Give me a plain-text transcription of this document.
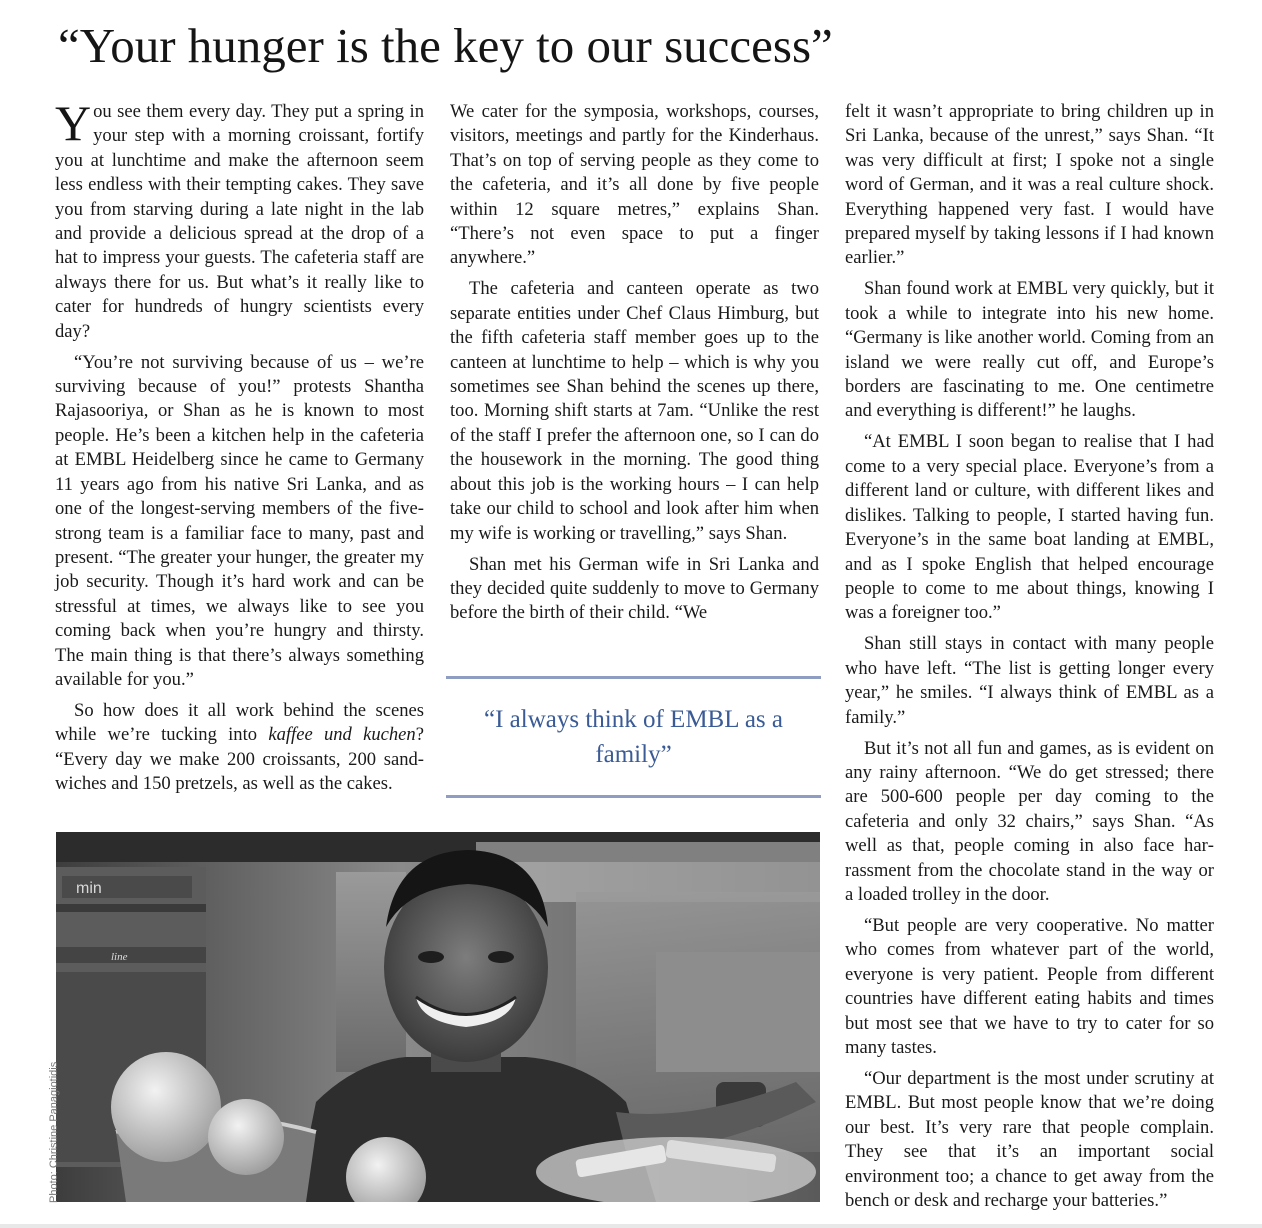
“Your hunger is the key to our success”

You see them every day. They put a spring in your step with a morning croissant, fortify you at lunchtime and make the afternoon seem less endless with their tempting cakes. They save you from starving during a late night in the lab and provide a delicious spread at the drop of a hat to impress your guests. The cafeteria staff are always there for us. But what’s it really like to cater for hundreds of hungry scientists every day?

“You’re not surviving because of us – we’re surviving because of you!” protests Shantha Rajasooriya, or Shan as he is known to most people. He’s been a kitchen help in the cafeteria at EMBL Heidelberg since he came to Germany 11 years ago from his native Sri Lanka, and as one of the longest-serving members of the fivestrong team is a familiar face to many, past and present. “The greater your hunger, the greater my job security. Though it’s hard work and can be stressful at times, we always like to see you coming back when you’re hungry and thirsty. The main thing is that there’s always something available for you.”

So how does it all work behind the scenes while we’re tucking into kaffee und kuchen? “Every day we make 200 croissants, 200 sandwiches and 150 pretzels, as well as the cakes.

We cater for the symposia, workshops, courses, visitors, meetings and partly for the Kinderhaus. That’s on top of serving people as they come to the cafeteria, and it’s all done by five people within 12 square metres,” explains Shan. “There’s not even space to put a finger anywhere.”

The cafeteria and canteen operate as two separate entities under Chef Claus Himburg, but the fifth cafeteria staff member goes up to the canteen at lunchtime to help – which is why you sometimes see Shan behind the scenes up there, too. Morning shift starts at 7am. “Unlike the rest of the staff I prefer the afternoon one, so I can do the housework in the morning. The good thing about this job is the working hours – I can help take our child to school and look after him when my wife is working or travelling,” says Shan.

Shan met his German wife in Sri Lanka and they decided quite suddenly to move to Germany before the birth of their child. “We

“I always think of EMBL as a family”

felt it wasn’t appropriate to bring children up in Sri Lanka, because of the unrest,” says Shan. “It was very difficult at first; I spoke not a single word of German, and it was a real culture shock. Everything happened very fast. I would have prepared myself by taking lessons if I had known earlier.”

Shan found work at EMBL very quickly, but it took a while to integrate into his new home. “Germany is like another world. Coming from an island we were really cut off, and Europe’s borders are fascinating to me. One centimetre and everything is different!” he laughs.

“At EMBL I soon began to realise that I had come to a very special place. Everyone’s from a different land or culture, with different likes and dislikes. Talking to people, I started having fun. Everyone’s in the same boat landing at EMBL, and as I spoke English that helped encourage people to come to me about things, knowing I was a foreigner too.”

Shan still stays in contact with many people who have left. “The list is getting longer every year,” he smiles. “I always think of EMBL as a family.”

But it’s not all fun and games, as is evident on any rainy afternoon. “We do get stressed; there are 500-600 people per day coming to the cafeteria and only 32 chairs,” says Shan. “As well as that, people coming in also face harrassment from the chocolate stand in the way or a loaded trolley in the door.

“But people are very cooperative. No matter who comes from whatever part of the world, everyone is very patient. People from different countries have different eating habits and times but most see that we have to try to cater for so many tastes.

“Our department is the most under scrutiny at EMBL. But most people know that we’re doing our best. It’s very rare that people complain. They see that it’s an important social environment too; a chance to get away from the bench or desk and recharge your batteries.”

min
line
Photo: Christine Panagiotidis
